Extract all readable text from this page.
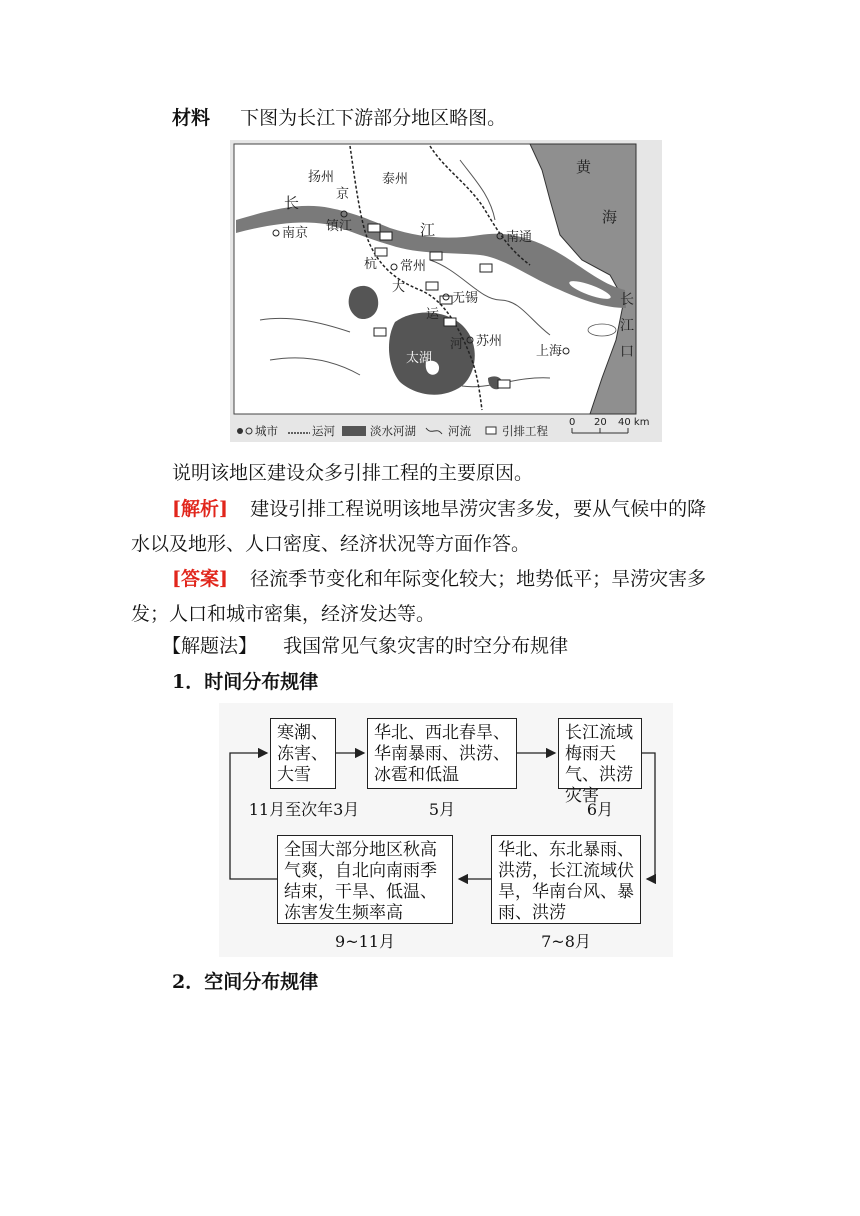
材料 下图为长江下游部分地区略图。
扬州
京
泰州
黄
海
长
镇江
南京	江	南通
杭 常州
大
无锡
运
长
江
口
河 苏州
上海
太湖
城市	运河	淡水河湖	河流	引排工程
0 20 40 km
说明该地区建设众多引排工程的主要原因。
[解析] 建设引排工程说明该地旱涝灾害多发，要从气候中的降
水以及地形、人口密度、经济状况等方面作答。
[答案] 径流季节变化和年际变化较大；地势低平；旱涝灾害多
发；人口和城市密集，经济发达等。
【解题法】 我国常见气象灾害的时空分布规律
1．时间分布规律
寒潮、冻害、大雪
11月至次年3月
华北、西北春旱、华南暴雨、洪涝、冰雹和低温
5月
长江流域梅雨天气、洪涝灾害
6月
华北、东北暴雨、洪涝，长江流域伏旱，华南台风、暴雨、洪涝
7~8月
全国大部分地区秋高气爽，自北向南雨季结束，干旱、低温、冻害发生频率高
9~11月
2．空间分布规律
